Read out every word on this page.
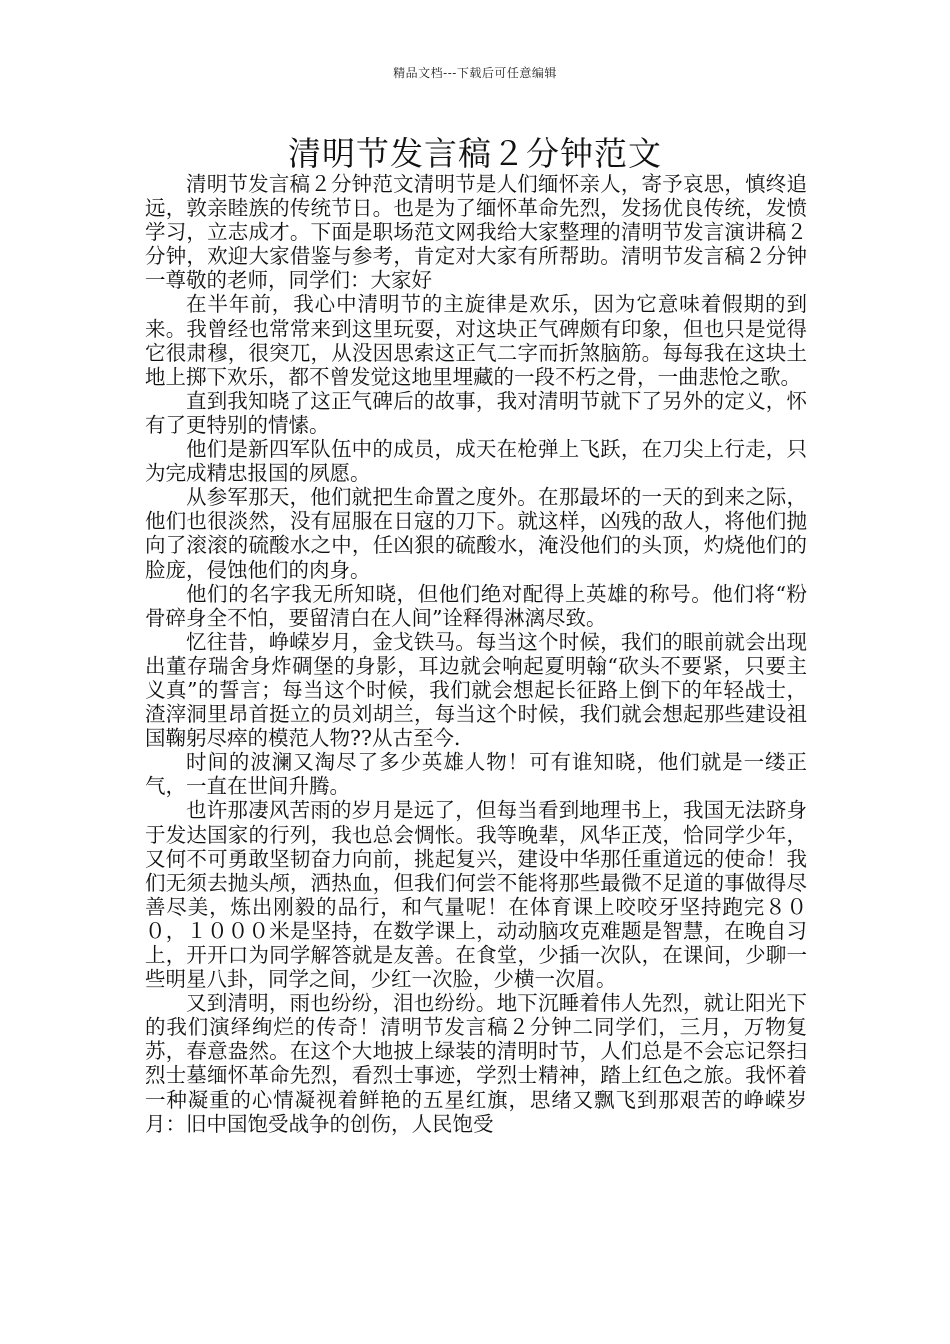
精品文档---下载后可任意编辑
清明节发言稿２分钟范文

清明节发言稿２分钟范文清明节是人们缅怀亲人，寄予哀思，慎终追远，敦亲睦族的传统节日。也是为了缅怀革命先烈，发扬优良传统，发愤学习，立志成才。下面是职场范文网我给大家整理的清明节发言演讲稿２分钟，欢迎大家借鉴与参考，肯定对大家有所帮助。清明节发言稿２分钟一尊敬的老师，同学们：大家好

在半年前，我心中清明节的主旋律是欢乐，因为它意味着假期的到来。我曾经也常常来到这里玩耍，对这块正气碑颇有印象，但也只是觉得它很肃穆，很突兀，从没因思索这正气二字而折煞脑筋。每每我在这块土地上掷下欢乐，都不曾发觉这地里埋藏的一段不朽之骨，一曲悲怆之歌。

直到我知晓了这正气碑后的故事，我对清明节就下了另外的定义，怀有了更特别的情愫。

他们是新四军队伍中的成员，成天在枪弹上飞跃，在刀尖上行走，只为完成精忠报国的夙愿。

从参军那天，他们就把生命置之度外。在那最坏的一天的到来之际，他们也很淡然，没有屈服在日寇的刀下。就这样，凶残的敌人，将他们抛向了滚滚的硫酸水之中，任凶狠的硫酸水，淹没他们的头顶，灼烧他们的脸庞，侵蚀他们的肉身。

他们的名字我无所知晓，但他们绝对配得上英雄的称号。他们将“粉骨碎身全不怕，要留清白在人间”诠释得淋漓尽致。

忆往昔，峥嵘岁月，金戈铁马。每当这个时候，我们的眼前就会出现出董存瑞舍身炸碉堡的身影，耳边就会响起夏明翰“砍头不要紧，只要主义真”的誓言；每当这个时候，我们就会想起长征路上倒下的年轻战士，渣滓洞里昂首挺立的员刘胡兰，每当这个时候，我们就会想起那些建设祖国鞠躬尽瘁的模范人物??从古至今．

时间的波澜又淘尽了多少英雄人物！可有谁知晓，他们就是一缕正气，一直在世间升腾。

也许那凄风苦雨的岁月是远了，但每当看到地理书上，我国无法跻身于发达国家的行列，我也总会惆怅。我等晚辈，风华正茂，恰同学少年，又何不可勇敢坚韧奋力向前，挑起复兴，建设中华那任重道远的使命！我们无须去抛头颅，洒热血，但我们何尝不能将那些最微不足道的事做得尽善尽美，炼出刚毅的品行，和气量呢！在体育课上咬咬牙坚持跑完８００，１０００米是坚持，在数学课上，动动脑攻克难题是智慧，在晚自习上，开开口为同学解答就是友善。在食堂，少插一次队，在课间，少聊一些明星八卦，同学之间，少红一次脸，少横一次眉。

又到清明，雨也纷纷，泪也纷纷。地下沉睡着伟人先烈，就让阳光下的我们演绎绚烂的传奇！清明节发言稿２分钟二同学们，三月，万物复苏，春意盎然。在这个大地披上绿装的清明时节，人们总是不会忘记祭扫烈士墓缅怀革命先烈，看烈士事迹，学烈士精神，踏上红色之旅。我怀着一种凝重的心情凝视着鲜艳的五星红旗，思绪又飘飞到那艰苦的峥嵘岁月：旧中国饱受战争的创伤，人民饱受
